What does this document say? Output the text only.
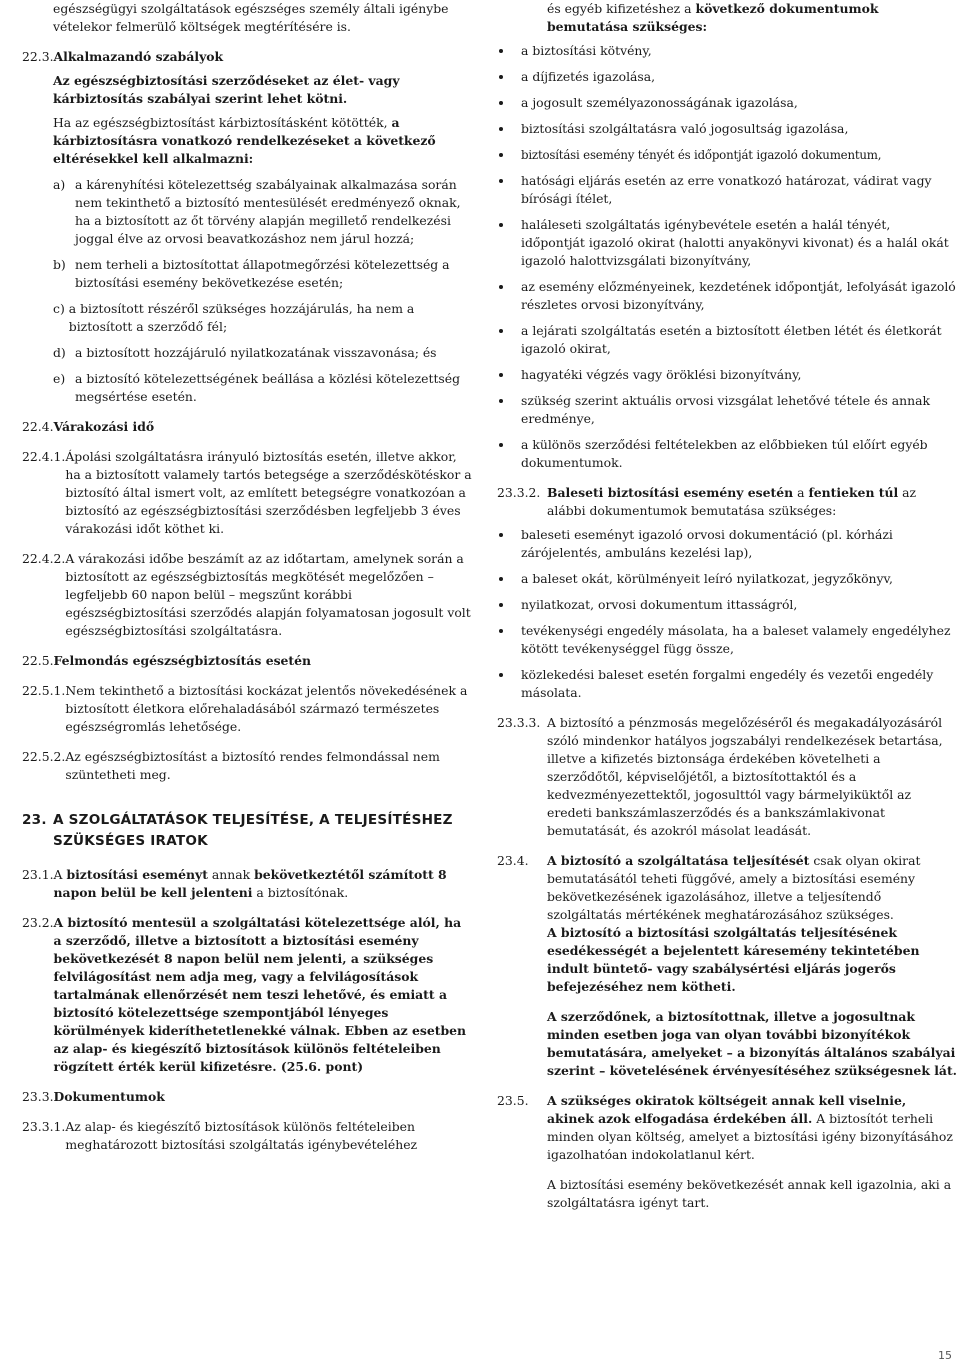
egészségügyi szolgáltatások egészséges személy általi igénybe vételekor felmerülő költségek megtérítésére is.

22.3. Alkalmazandó szabályok

Az egészségbiztosítási szerződéseket az élet- vagy kárbiztosítás szabályai szerint lehet kötni.

Ha az egészségbiztosítást kárbiztosításként kötötték, a kárbiztosításra vonatkozó rendelkezéseket a következő eltérésekkel kell alkalmazni:

a) a kárenyhítési kötelezettség szabályainak alkalmazása során nem tekinthető a biztosító mentesülését eredményező oknak, ha a biztosított az őt törvény alapján megillető rendelkezési joggal élve az orvosi beavatkozáshoz nem járul hozzá;
b) nem terheli a biztosítottat állapotmegőrzési kötelezettség a biztosítási esemény bekövetkezése esetén;
c) a biztosított részéről szükséges hozzájárulás, ha nem a biztosított a szerződő fél;
d) a biztosított hozzájáruló nyilatkozatának visszavonása; és
e) a biztosító kötelezettségének beállása a közlési kötelezettség megsértése esetén.
22.4. Várakozási idő
22.4.1. Ápolási szolgáltatásra irányuló biztosítás esetén, illetve akkor, ha a biztosított valamely tartós betegsége a szerződéskötéskor a biztosító által ismert volt, az említett betegségre vonatkozóan a biztosító az egészségbiztosítási szerződésben legfeljebb 3 éves várakozási időt köthet ki.
22.4.2. A várakozási időbe beszámít az az időtartam, amelynek során a biztosított az egészségbiztosítás megkötését megelőzően – legfeljebb 60 napon belül – megszűnt korábbi egészségbiztosítási szerződés alapján folyamatosan jogosult volt egészségbiztosítási szolgáltatásra.
22.5. Felmondás egészségbiztosítás esetén
22.5.1. Nem tekinthető a biztosítási kockázat jelentős növekedésének a biztosított életkora előrehaladásából származó természetes egészségromlás lehetősége.
22.5.2. Az egészségbiztosítást a biztosító rendes felmondással nem szüntetheti meg.
23. A SZOLGÁLTATÁSOK TELJESÍTÉSE, A TELJESÍTÉSHEZ SZÜKSÉGES IRATOK
23.1. A biztosítási eseményt annak bekövetkeztétől számított 8 napon belül be kell jelenteni a biztosítónak.
23.2. A biztosító mentesül a szolgáltatási kötelezettsége alól, ha a szerződő, illetve a biztosított a biztosítási esemény bekövetkezését 8 napon belül nem jelenti, a szükséges felvilágosítást nem adja meg, vagy a felvilágosítások tartalmának ellenőrzését nem teszi lehetővé, és emiatt a biztosító kötelezettsége szempontjából lényeges körülmények kideríthetetlenekké válnak. Ebben az esetben az alap- és kiegészítő biztosítások különös feltételeiben rögzített érték kerül kifizetésre. (25.6. pont)
23.3. Dokumentumok
23.3.1. Az alap- és kiegészítő biztosítások különös feltételeiben meghatározott biztosítási szolgáltatás igénybevételéhez

és egyéb kifizetéshez a következő dokumentumok bemutatása szükséges:

a biztosítási kötvény,
a díjfizetés igazolása,
a jogosult személyazonosságának igazolása,
biztosítási szolgáltatásra való jogosultság igazolása,
biztosítási esemény tényét és időpontját igazoló dokumentum,
hatósági eljárás esetén az erre vonatkozó határozat, vádirat vagy bírósági ítélet,
haláleseti szolgáltatás igénybevétele esetén a halál tényét, időpontját igazoló okirat (halotti anyakönyvi kivonat) és a halál okát igazoló halottvizsgálati bizonyítvány,
az esemény előzményeinek, kezdetének időpontját, lefolyását igazoló részletes orvosi bizonyítvány,
a lejárati szolgáltatás esetén a biztosított életben létét és életkorát igazoló okirat,
hagyatéki végzés vagy öröklési bizonyítvány,
szükség szerint aktuális orvosi vizsgálat lehetővé tétele és annak eredménye,
a különös szerződési feltételekben az előbbieken túl előírt egyéb dokumentumok.
23.3.2. Baleseti biztosítási esemény esetén a fentieken túl az alábbi dokumentumok bemutatása szükséges:
baleseti eseményt igazoló orvosi dokumentáció (pl. kórházi zárójelentés, ambuláns kezelési lap),
a baleset okát, körülményeit leíró nyilatkozat, jegyzőkönyv,
nyilatkozat, orvosi dokumentum ittasságról,
tevékenységi engedély másolata, ha a baleset valamely engedélyhez kötött tevékenységgel függ össze,
közlekedési baleset esetén forgalmi engedély és vezetői engedély másolata.
23.3.3. A biztosító a pénzmosás megelőzéséről és megakadályozásáról szóló mindenkor hatályos jogszabályi rendelkezések betartása, illetve a kifizetés biztonsága érdekében követelheti a szerződőtől, képviselőjétől, a biztosítottaktól és a kedvezményezettektől, jogosulttól vagy bármelyiküktől az eredeti bankszámlaszerződés és a bankszámlakivonat bemutatását, és azokról másolat leadását.
23.4.	A biztosító a szolgáltatása teljesítését csak olyan okirat bemutatásától teheti függővé, amely a biztosítási esemény bekövetkezésének igazolásához, illetve a teljesítendő szolgáltatás mértékének meghatározásához szükséges.
A biztosító a biztosítási szolgáltatás teljesítésének esedékességét a bejelentett káresemény tekintetében indult büntető- vagy szabálysértési eljárás jogerős befejezéséhez nem kötheti.
A szerződőnek, a biztosítottnak, illetve a jogosultnak minden esetben joga van olyan további bizonyítékok bemutatására, amelyeket – a bizonyítás általános szabályai szerint – követelésének érvényesítéséhez szükségesnek lát.
23.5.	A szükséges okiratok költségeit annak kell viselnie, akinek azok elfogadása érdekében áll. A biztosítót terheli minden olyan költség, amelyet a biztosítási igény bizonyításához igazolhatóan indokolatlanul kért.
A biztosítási esemény bekövetkezését annak kell igazolnia, aki a szolgáltatásra igényt tart.
15
